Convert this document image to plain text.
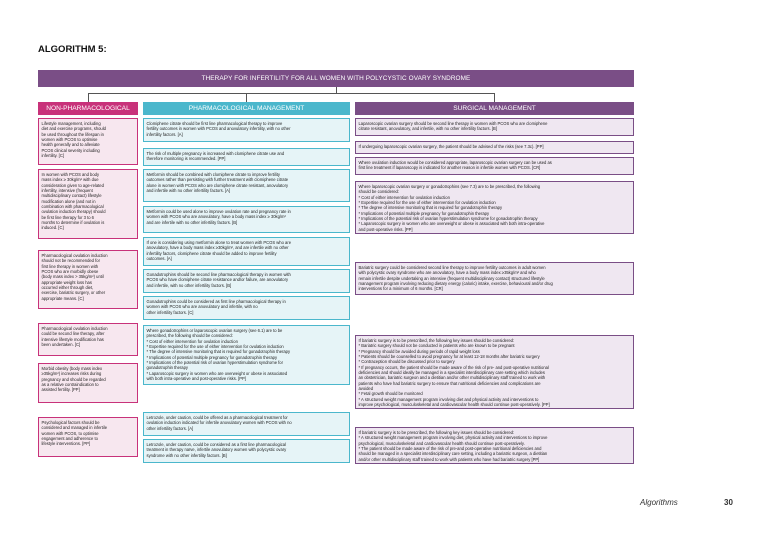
ALGORITHM 5:
THERAPY FOR INFERTILITY FOR ALL WOMEN WITH POLYCYSTIC OVARY SYNDROME
NON-PHARMACOLOGICAL	PHARMACOLOGICAL MANAGEMENT	SURGICAL MANAGEMENT
Lifestyle management, including
diet and exercise programs, should
be used throughout the lifespan in
women with PCOS to optimise
health generally and to alleviate
PCOS clinical severity including
infertility. [C]
In women with PCOS and body
mass index ≥ 30kg/m² with due
consideration given to age-related
infertility, intensive (frequent
multidisciplinary contact) lifestyle
modification alone (and not in
combination with pharmacological
ovulation induction therapy) should
be first line therapy for 3 to 6
months to determine if ovulation is
induced. [C]
Pharmacological ovulation induction
should not be recommended for
first line therapy in women with
PCOS who are morbidly obese
(body mass index > 35kg/m²) until
appropriate weight loss has
occurred either through diet,
exercise, bariatric surgery, or other
appropriate means. [C]
Pharmacological ovulation induction
could be second line therapy, after
intensive lifestyle modification has
been undertaken. [C]
Morbid obesity (body mass index
≥35kg/m²) increases risks during
pregnancy and should be regarded
as a relative contraindication to
assisted fertility. [PP]
Psychological factors should be
considered and managed in infertile
women with PCOS, to optimise
engagement and adherence to
lifestyle interventions. [PP]
Clomiphene citrate should be first line pharmacological therapy to improve
fertility outcomes in women with PCOS and anovulatory infertility, with no other
infertility factors. [A]
The risk of multiple pregnancy is increased with clomiphene citrate use and
therefore monitoring is recommended. [PP]
Metformin should be combined with clomiphene citrate to improve fertility
outcomes rather than persisting with further treatment with clomiphene citrate
alone in women with PCOS who are clomiphene citrate resistant, anovulatory
and infertile with no other infertility factors. [A]
Metformin could be used alone to improve ovulation rate and pregnancy rate in
women with PCOS who are anovulatory, have a body mass index ≥ 30kg/m²
and are infertile with no other infertility factors. [B]
If one is considering using metformin alone to treat women with PCOS who are
anovulatory, have a body mass index ≥30kg/m², and are infertile with no other
infertility factors, clomiphene citrate should be added to improve fertility
outcomes. [A]
Gonadotrophins should be second line pharmacological therapy in women with
PCOS who have clomiphene citrate resistance and/or failure, are anovulatory
and infertile, with no other infertility factors. [B]
Gonadotrophins could be considered as first line pharmacological therapy in
women with PCOS who are anovulatory and infertile, with no
other infertility factors. [C]
Where gonadotrophins or laparoscopic ovarian surgery (see 6.1) are to be
prescribed, the following should be considered:
* Cost of either intervention for ovulation induction
* Expertise required for the use of either intervention for ovulation induction
* The degree of intensive monitoring that is required for gonadotrophin therapy
* Implications of potential multiple pregnancy for gonadotrophin therapy
* Implications of the potential risk of ovarian hyperstimulation syndrome for
gonadotrophin therapy
* Laparoscopic surgery in women who are overweight or obese is associated
with both intra-operative and post-operative risks. [PP]
Letrozole, under caution, could be offered as a pharmacological treatment for
ovulation induction indicated for infertile anovulatory women with PCOS with no
other infertility factors. [A]
Letrozole, under caution, could be considered as a first line pharmacological
treatment in therapy naïve, infertile anovulatory women with polycystic ovary
syndrome with no other infertility factors. [B]
Laparoscopic ovarian surgery should be second line therapy in women with PCOS who are clomiphene
citrate resistant, anovulatory, and infertile, with no other infertility factors. [B]
If undergoing laparoscopic ovarian surgery, the patient should be advised of the risks (see 7.3c). [PP]
Where ovulation induction would be considered appropriate, laparoscopic ovarian surgery can be used as
first line treatment if laparoscopy is indicated for another reason in infertile women with PCOS. [CR]
Where laparoscopic ovarian surgery or gonadotrophins (see 7.3) are to be prescribed, the following
should be considered:
* Cost of either intervention for ovulation induction
* Expertise required for the use of either intervention for ovulation induction
* The degree of intensive monitoring that is required for gonadotrophin therapy
* Implications of potential multiple pregnancy for gonadotrophin therapy
* Implications of the potential risk of ovarian hyperstimulation syndrome for gonadotrophin therapy
* Laparoscopic surgery in women who are overweight or obese is associated with both intra-operative
and post-operative risks. [PP]
Bariatric surgery could be considered second line therapy to improve fertility outcomes in adult women
with polycystic ovary syndrome who are anovulatory, have a body mass index ≥35kg/m² and who
remain infertile despite undertaking an intensive (frequent multidisciplinary contact) structured lifestyle
management program involving reducing dietary energy (caloric) intake, exercise, behavioural and/or drug
interventions for a minimum of 6 months. [CR]
If bariatric surgery is to be prescribed, the following key issues should be considered:
* Bariatric surgery should not be conducted in patients who are known to be pregnant
* Pregnancy should be avoided during periods of rapid weight loss
* Patients should be counselled to avoid pregnancy for at least 12-18 months after bariatric surgery
* Contraception should be discussed prior to surgery
* If pregnancy occurs, the patient should be made aware of the risk of pre- and post-operative nutritional
deficiencies and should ideally be managed in a specialist interdisciplinary care setting which includes
an obstetrician, bariatric surgeon and a dietitian and/or other multidisciplinary staff trained to work with
patients who have had bariatric surgery to ensure that nutritional deficiencies and complications are
avoided
* Fetal growth should be monitored
* A structured weight management program involving diet and physical activity and interventions to
improve psychological, musculoskeletal and cardiovascular health should continue post-operatively. [PP]
If bariatric surgery is to be prescribed, the following key issues should be considered:
* A structured weight management program involving diet, physical activity and interventions to improve
psychological, musculoskeletal and cardiovascular health should continue post-operatively.
* The patient should be made aware of the risk of pre-and post-operative nutritional deficiencies and
should be managed in a specialist interdisciplinary care setting, including a bariatric surgeon, a dietitian
and/or other multidisciplinary staff trained to work with patients who have had bariatric surgery [PP]
Algorithms	30
